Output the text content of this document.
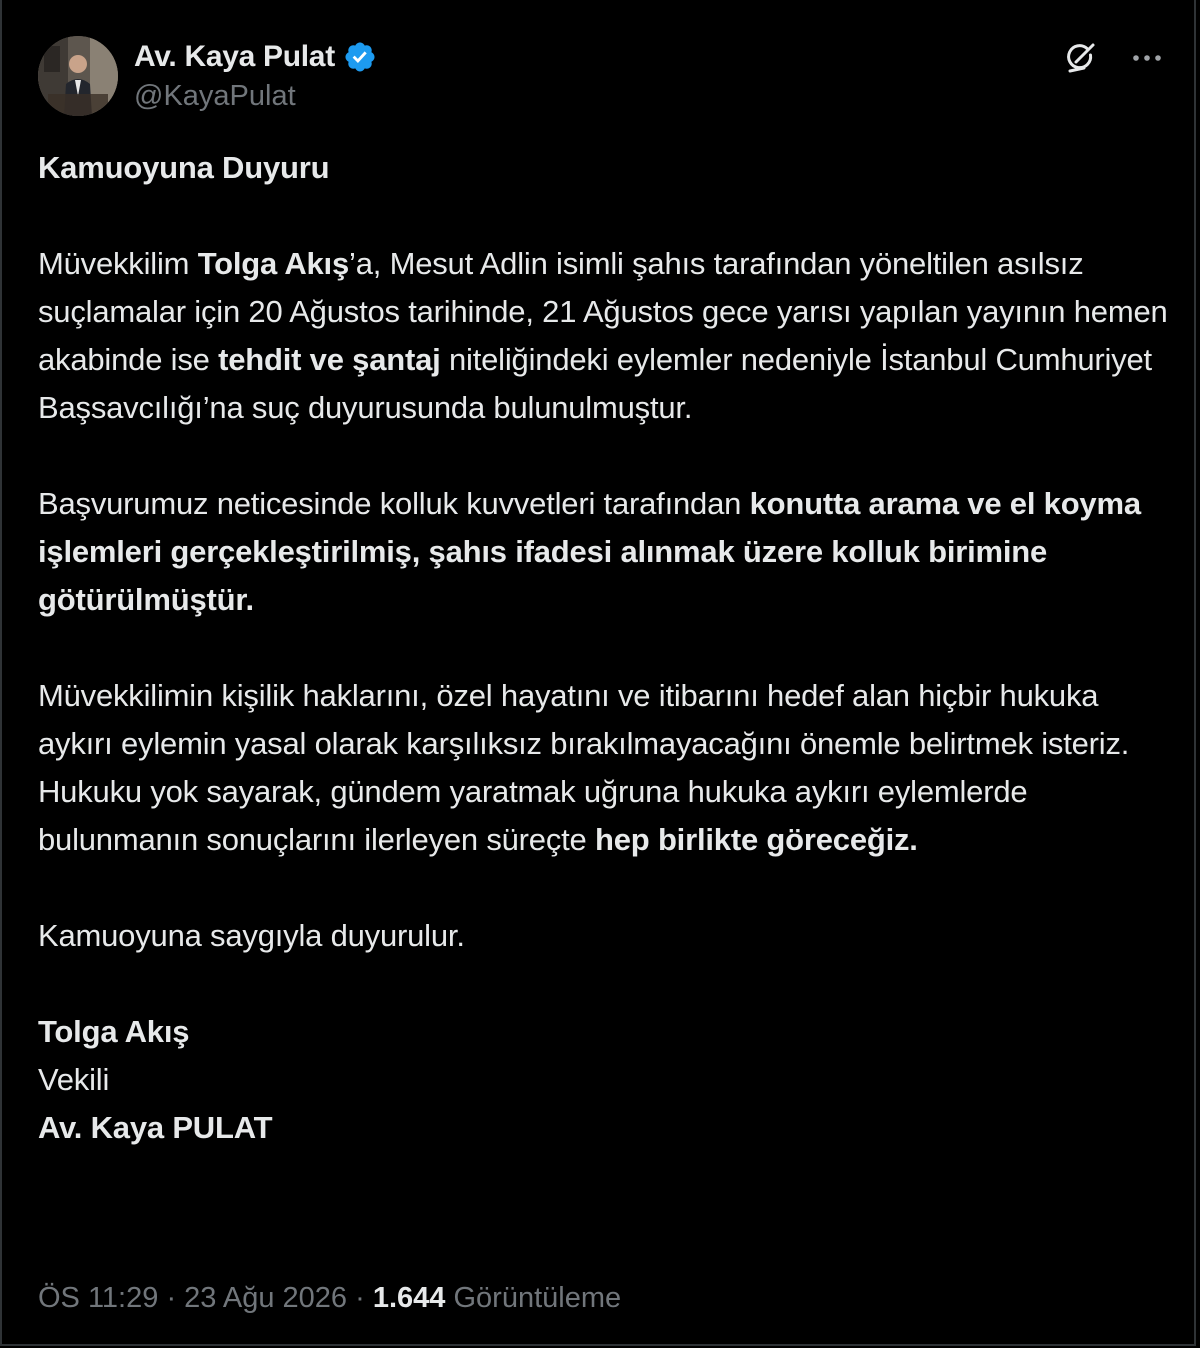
Av. Kaya Pulat
@KayaPulat

Kamuoyuna Duyuru

Müvekkilim Tolga Akış’a, Mesut Adlin isimli şahıs tarafından yöneltilen asılsız suçlamalar için 20 Ağustos tarihinde, 21 Ağustos gece yarısı yapılan yayının hemen akabinde ise tehdit ve şantaj niteliğindeki eylemler nedeniyle İstanbul Cumhuriyet Başsavcılığı’na suç duyurusunda bulunulmuştur.

Başvurumuz neticesinde kolluk kuvvetleri tarafından konutta arama ve el koyma işlemleri gerçekleştirilmiş, şahıs ifadesi alınmak üzere kolluk birimine götürülmüştür.

Müvekkilimin kişilik haklarını, özel hayatını ve itibarını hedef alan hiçbir hukuka aykırı eylemin yasal olarak karşılıksız bırakılmayacağını önemle belirtmek isteriz. Hukuku yok sayarak, gündem yaratmak uğruna hukuka aykırı eylemlerde bulunmanın sonuçlarını ilerleyen süreçte hep birlikte göreceğiz.

Kamuoyuna saygıyla duyurulur.

Tolga Akış

Vekili

Av. Kaya PULAT

ÖS 11:29 · 23 Ağu 2026 · 1.644 Görüntüleme
